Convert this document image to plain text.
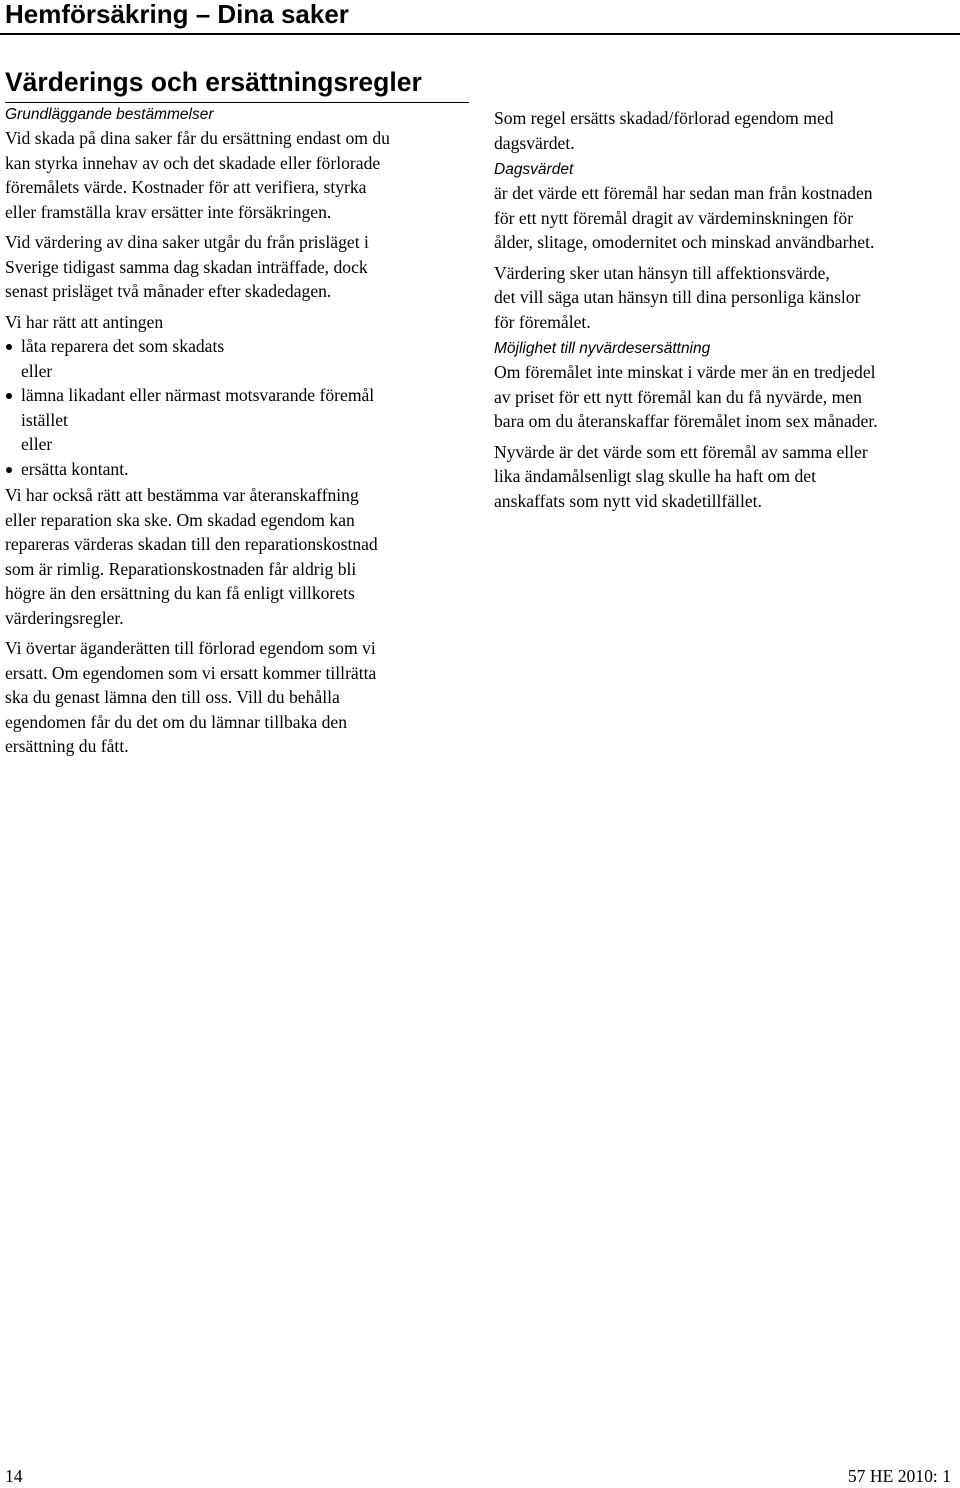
Hemförsäkring – Dina saker
Värderings och ersättningsregler
Grundläggande bestämmelser
Vid skada på dina saker får du ersättning endast om du
kan styrka innehav av och det skadade eller förlorade
föremålets värde. Kostnader för att verifiera, styrka
eller framställa krav ersätter inte försäkringen.
Vid värdering av dina saker utgår du från prisläget i
Sverige tidigast samma dag skadan inträffade, dock
senast prisläget två månader efter skadedagen.
Vi har rätt att antingen
låta reparera det som skadats
eller
lämna likadant eller närmast motsvarande föremål
istället
eller
ersätta kontant.
Vi har också rätt att bestämma var återanskaffning
eller reparation ska ske. Om skadad egendom kan
repareras värderas skadan till den reparationskostnad
som är rimlig. Reparationskostnaden får aldrig bli
högre än den ersättning du kan få enligt villkorets
värderingsregler.
Vi övertar äganderätten till förlorad egendom som vi
ersatt. Om egendomen som vi ersatt kommer tillrätta
ska du genast lämna den till oss. Vill du behålla
egendomen får du det om du lämnar tillbaka den
ersättning du fått.
Som regel ersätts skadad/förlorad egendom med
dagsvärdet.
Dagsvärdet
är det värde ett föremål har sedan man från kostnaden
för ett nytt föremål dragit av värdeminskningen för
ålder, slitage, omodernitet och minskad användbarhet.
Värdering sker utan hänsyn till affektionsvärde,
det vill säga utan hänsyn till dina personliga känslor
för föremålet.
Möjlighet till nyvärdesersättning
Om föremålet inte minskat i värde mer än en tredjedel
av priset för ett nytt föremål kan du få nyvärde, men
bara om du återanskaffar föremålet inom sex månader.
Nyvärde är det värde som ett föremål av samma eller
lika ändamålsenligt slag skulle ha haft om det
anskaffats som nytt vid skadetillfället.
14	57 HE 2010: 1
